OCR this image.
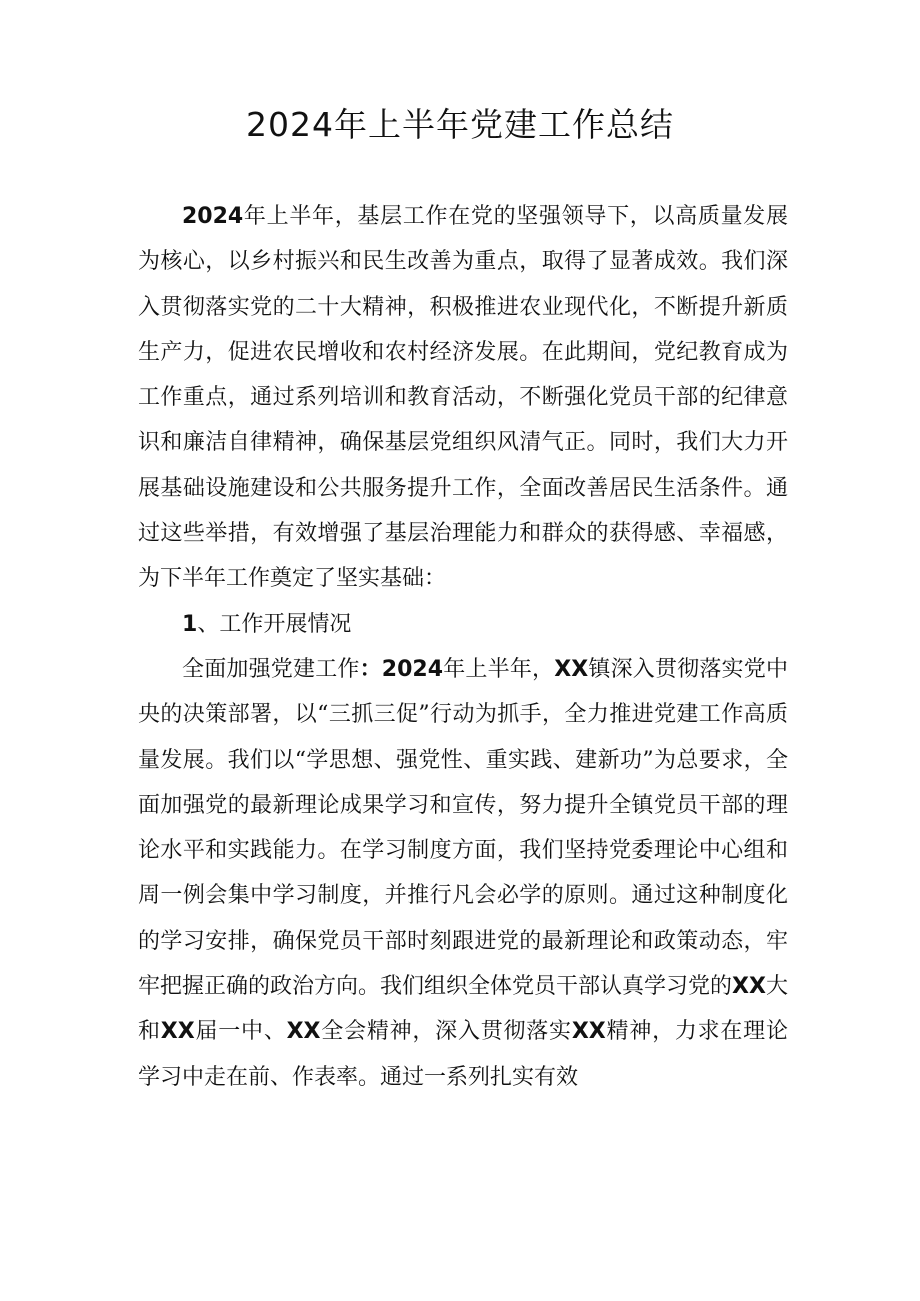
2024年上半年党建工作总结

2024年上半年，基层工作在党的坚强领导下，以高质量发展为核心，以乡村振兴和民生改善为重点，取得了显著成效。我们深入贯彻落实党的二十大精神，积极推进农业现代化，不断提升新质生产力，促进农民增收和农村经济发展。在此期间，党纪教育成为工作重点，通过系列培训和教育活动，不断强化党员干部的纪律意识和廉洁自律精神，确保基层党组织风清气正。同时，我们大力开展基础设施建设和公共服务提升工作，全面改善居民生活条件。通过这些举措，有效增强了基层治理能力和群众的获得感、幸福感，为下半年工作奠定了坚实基础：

1、工作开展情况

全面加强党建工作：2024年上半年，XX镇深入贯彻落实党中央的决策部署，以“三抓三促”行动为抓手，全力推进党建工作高质量发展。我们以“学思想、强党性、重实践、建新功”为总要求，全面加强党的最新理论成果学习和宣传，努力提升全镇党员干部的理论水平和实践能力。在学习制度方面，我们坚持党委理论中心组和周一例会集中学习制度，并推行凡会必学的原则。通过这种制度化的学习安排，确保党员干部时刻跟进党的最新理论和政策动态，牢牢把握正确的政治方向。我们组织全体党员干部认真学习党的XX大和XX届一中、XX全会精神，深入贯彻落实XX精神，力求在理论学习中走在前、作表率。通过一系列扎实有效
